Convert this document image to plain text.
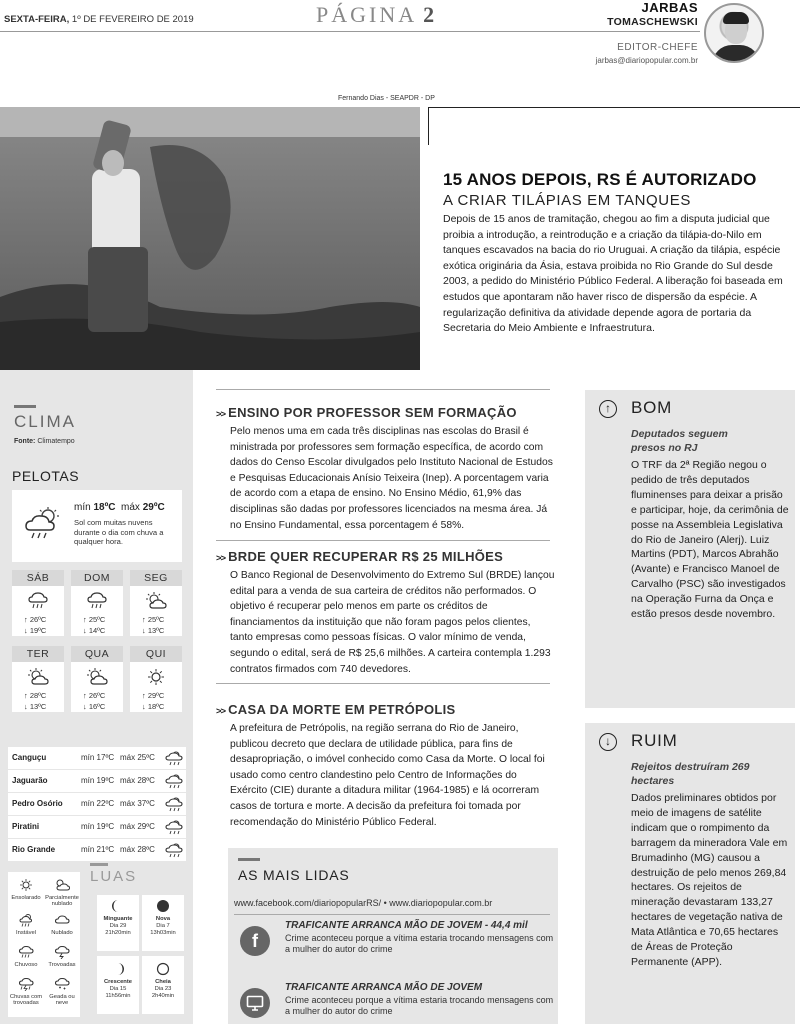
SEXTA-FEIRA, 1º DE FEVEREIRO DE 2019	PÁGINA 2	JARBAS
TOMASCHEWSKI
EDITOR-CHEFE
jarbas@diariopopular.com.br
Fernando Dias - SEAPDR - DP
15 ANOS DEPOIS, RS É AUTORIZADO
A CRIAR TILÁPIAS EM TANQUES
Depois de 15 anos de tramitação, chegou ao fim a disputa judicial que proibia a introdução, a reintrodução e a criação da tilápia-do-Nilo em tanques escavados na bacia do rio Uruguai. A criação da tilápia, espécie exótica originária da Ásia, estava proibida no Rio Grande do Sul desde 2003, a pedido do Ministério Público Federal. A liberação foi baseada em estudos que apontaram não haver risco de dispersão da espécie. A regularização definitiva da atividade depende agora de portaria da Secretaria do Meio Ambiente e Infraestrutura.
CLIMA
Fonte: Climatempo
PELOTAS
mín 18ºC máx 29ºC
Sol com muitas nuvens durante o dia com chuva a qualquer hora.
SÁB
↑ 26ºC
↓ 19ºC
DOM
↑ 25ºC
↓ 14ºC
SEG
↑ 25ºC
↓ 13ºC
TER
↑ 28ºC
↓ 13ºC
QUA
↑ 26ºC
↓ 16ºC
QUI
↑ 29ºC
↓ 18ºC
Canguçu	mín 17ºC máx 25ºC
Jaguarão	mín 19ºC máx 28ºC
Pedro Osório mín 22ºC máx 37ºC
Piratini	mín 19ºC máx 29ºC
Rio Grande	mín 21ºC máx 28ºC
Ensolarado Parcialmente nublado
Instável	Nublado
Chuvoso	Trovoadas
Chuvas com trovoadas
Geada ou neve
LUAS
Minguante
Dia 29
21h20min
Nova
Dia 7
13h03min
Crescente
Dia 15
11h56min
Cheia
Dia 23
2h40min
>> ENSINO POR PROFESSOR SEM FORMAÇÃO
Pelo menos uma em cada três disciplinas nas escolas do Brasil é ministrada por professores sem formação específica, de acordo com dados do Censo Escolar divulgados pelo Instituto Nacional de Estudos e Pesquisas Educacionais Anísio Teixeira (Inep). A porcentagem varia de acordo com a etapa de ensino. No Ensino Médio, 61,9% das disciplinas são dadas por professores licenciados na mesma área. Já no Ensino Fundamental, essa porcentagem é 58%.
>> BRDE QUER RECUPERAR R$ 25 MILHÕES
O Banco Regional de Desenvolvimento do Extremo Sul (BRDE) lançou edital para a venda de sua carteira de créditos não performados. O objetivo é recuperar pelo menos em parte os créditos de financiamentos da instituição que não foram pagos pelos clientes, tanto empresas como pessoas físicas. O valor mínimo de venda, segundo o edital, será de R$ 25,6 milhões. A carteira contempla 1.293 contratos firmados com 740 devedores.
>> CASA DA MORTE EM PETRÓPOLIS
A prefeitura de Petrópolis, na região serrana do Rio de Janeiro, publicou decreto que declara de utilidade pública, para fins de desapropriação, o imóvel conhecido como Casa da Morte. O local foi usado como centro clandestino pelo Centro de Informações do Exército (CIE) durante a ditadura militar (1964-1985) e lá ocorreram casos de tortura e morte. A decisão da prefeitura foi tomada por recomendação do Ministério Público Federal.
AS MAIS LIDAS
www.facebook.com/diariopopularRS/ • www.diariopopular.com.br
f
TRAFICANTE ARRANCA MÃO DE JOVEM - 44,4 mil
Crime aconteceu porque a vítima estaria trocando mensagens com a mulher do autor do crime
TRAFICANTE ARRANCA MÃO DE JOVEM
Crime aconteceu porque a vítima estaria trocando mensagens com a mulher do autor do crime
↑	BOM
Deputados seguem presos no RJ
O TRF da 2ª Região negou o pedido de três deputados fluminenses para deixar a prisão e participar, hoje, da cerimônia de posse na Assembleia Legislativa do Rio de Janeiro (Alerj). Luiz Martins (PDT), Marcos Abrahão (Avante) e Francisco Manoel de Carvalho (PSC) são investigados na Operação Furna da Onça e estão presos desde novembro.
↓	RUIM
Rejeitos destruíram 269 hectares
Dados preliminares obtidos por meio de imagens de satélite indicam que o rompimento da barragem da mineradora Vale em Brumadinho (MG) causou a destruição de pelo menos 269,84 hectares. Os rejeitos de mineração devastaram 133,27 hectares de vegetação nativa de Mata Atlântica e 70,65 hectares de Áreas de Proteção Permanente (APP).
